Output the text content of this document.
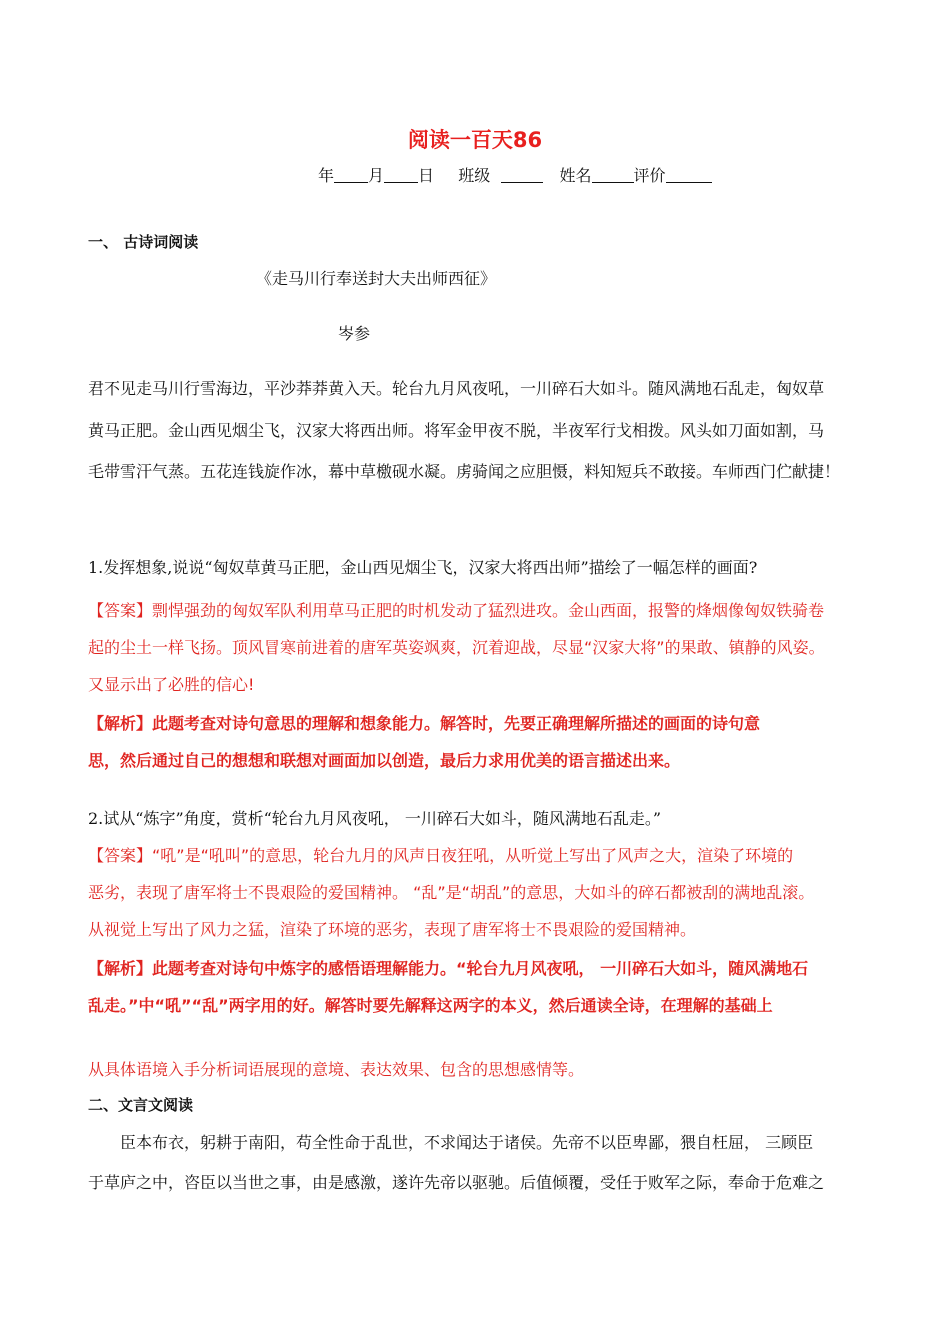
阅读一百天86
年 月 日 班级	姓名	评价
一、 古诗词阅读
《走马川行奉送封大夫出师西征》
岑参
君不见走马川行雪海边，平沙莽莽黄入天。轮台九月风夜吼，一川碎石大如斗。随风满地石乱走，匈奴草
黄马正肥。金山西见烟尘飞，汉家大将西出师。将军金甲夜不脱，半夜军行戈相拨。风头如刀面如割，马
毛带雪汗气蒸。五花连钱旋作冰，幕中草檄砚水凝。虏骑闻之应胆慑，料知短兵不敢接。车师西门伫献捷！
1.发挥想象,说说“匈奴草黄马正肥，金山西见烟尘飞，汉家大将西出师”描绘了一幅怎样的画面?
【答案】剽悍强劲的匈奴军队利用草马正肥的时机发动了猛烈进攻。金山西面，报警的烽烟像匈奴铁骑卷
起的尘土一样飞扬。顶风冒寒前进着的唐军英姿飒爽，沉着迎战，尽显“汉家大将”的果敢、镇静的风姿。
又显示出了必胜的信心!
【解析】此题考查对诗句意思的理解和想象能力。解答时，先要正确理解所描述的画面的诗句意
思，然后通过自己的想想和联想对画面加以创造，最后力求用优美的语言描述出来。
2.试从“炼字”角度，赏析“轮台九月风夜吼， 一川碎石大如斗，随风满地石乱走。”
【答案】“吼”是“吼叫”的意思，轮台九月的风声日夜狂吼，从听觉上写出了风声之大，渲染了环境的
恶劣，表现了唐军将士不畏艰险的爱国精神。 “乱”是“胡乱”的意思，大如斗的碎石都被刮的满地乱滚。
从视觉上写出了风力之猛，渲染了环境的恶劣，表现了唐军将士不畏艰险的爱国精神。
【解析】此题考查对诗句中炼字的感悟语理解能力。“轮台九月风夜吼， 一川碎石大如斗，随风满地石
乱走。”中“吼”“乱”两字用的好。解答时要先解释这两字的本义，然后通读全诗，在理解的基础上
从具体语境入手分析词语展现的意境、表达效果、包含的思想感情等。
二、文言文阅读
臣本布衣，躬耕于南阳，苟全性命于乱世，不求闻达于诸侯。先帝不以臣卑鄙，猥自枉屈， 三顾臣
于草庐之中，咨臣以当世之事，由是感激，遂许先帝以驱驰。后值倾覆，受任于败军之际，奉命于危难之
